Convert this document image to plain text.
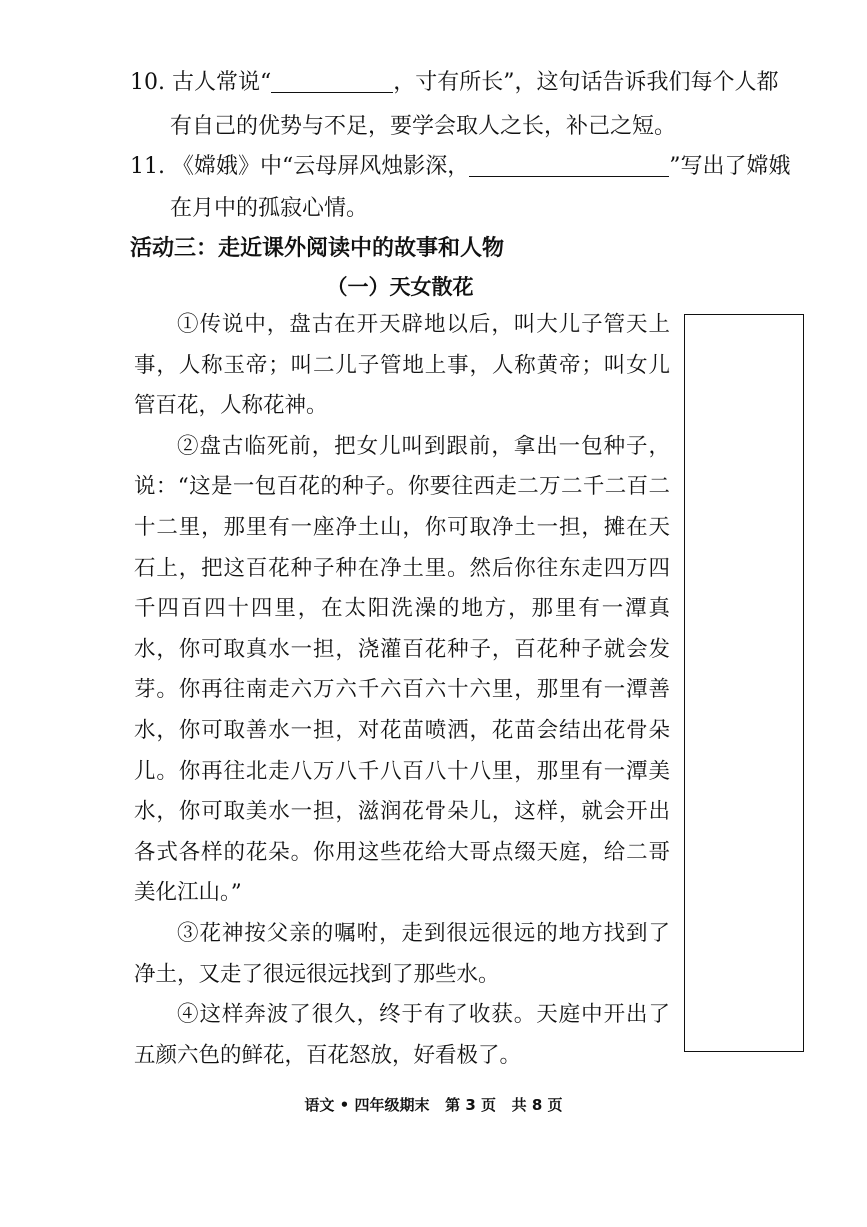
10. 古人常说“	，寸有所长”，这句话告诉我们每个人都
有自己的优势与不足，要学会取人之长，补己之短。
11. 《嫦娥》中“云母屏风烛影深，	”写出了嫦娥
在月中的孤寂心情。
活动三：走近课外阅读中的故事和人物
（一）天女散花

①传说中，盘古在开天辟地以后，叫大儿子管天上事，人称玉帝；叫二儿子管地上事，人称黄帝；叫女儿管百花，人称花神。

②盘古临死前，把女儿叫到跟前，拿出一包种子，说：“这是一包百花的种子。你要往西走二万二千二百二十二里，那里有一座净土山，你可取净土一担，摊在天石上，把这百花种子种在净土里。然后你往东走四万四千四百四十四里，在太阳洗澡的地方，那里有一潭真水，你可取真水一担，浇灌百花种子，百花种子就会发芽。你再往南走六万六千六百六十六里，那里有一潭善水，你可取善水一担，对花苗喷洒，花苗会结出花骨朵儿。你再往北走八万八千八百八十八里，那里有一潭美水，你可取美水一担，滋润花骨朵儿，这样，就会开出各式各样的花朵。你用这些花给大哥点缀天庭，给二哥美化江山。”

③花神按父亲的嘱咐，走到很远很远的地方找到了净土，又走了很远很远找到了那些水。

④这样奔波了很久，终于有了收获。天庭中开出了五颜六色的鲜花，百花怒放，好看极了。

语文 • 四年级期末   第 3 页   共 8 页
